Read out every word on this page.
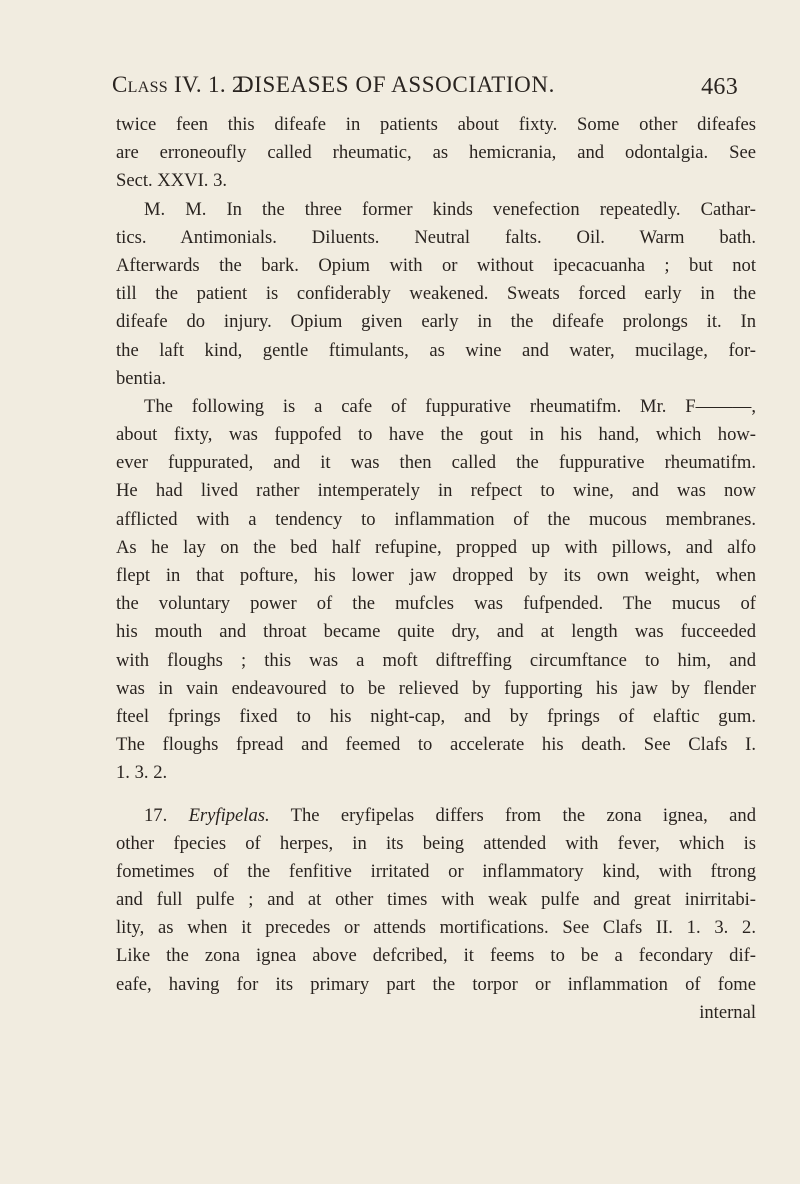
Class IV. 1. 2.
DISEASES OF ASSOCIATION.	463
twice feen this difeafe in patients about fixty. Some other difeafes
are erroneoufly called rheumatic, as hemicrania, and odontalgia. See
Sect. XXVI. 3.
M. M. In the three former kinds venefection repeatedly. Cathar-
tics. Antimonials. Diluents. Neutral falts. Oil. Warm bath.
Afterwards the bark. Opium with or without ipecacuanha ; but not
till the patient is confiderably weakened. Sweats forced early in the
difeafe do injury. Opium given early in the difeafe prolongs it. In
the laft kind, gentle ftimulants, as wine and water, mucilage, for-
bentia.
The following is a cafe of fuppurative rheumatifm. Mr. F———,
about fixty, was fuppofed to have the gout in his hand, which how-
ever fuppurated, and it was then called the fuppurative rheumatifm.
He had lived rather intemperately in refpect to wine, and was now
afflicted with a tendency to inflammation of the mucous membranes.
As he lay on the bed half refupine, propped up with pillows, and alfo
flept in that pofture, his lower jaw dropped by its own weight, when
the voluntary power of the mufcles was fufpended. The mucus of
his mouth and throat became quite dry, and at length was fucceeded
with floughs ; this was a moft diftreffing circumftance to him, and
was in vain endeavoured to be relieved by fupporting his jaw by flender
fteel fprings fixed to his night-cap, and by fprings of elaftic gum.
The floughs fpread and feemed to accelerate his death. See Clafs I.
1. 3. 2.
17. Eryfipelas. The eryfipelas differs from the zona ignea, and
other fpecies of herpes, in its being attended with fever, which is
fometimes of the fenfitive irritated or inflammatory kind, with ftrong
and full pulfe ; and at other times with weak pulfe and great inirritabi-
lity, as when it precedes or attends mortifications. See Clafs II. 1. 3. 2.
Like the zona ignea above defcribed, it feems to be a fecondary dif-
eafe, having for its primary part the torpor or inflammation of fome
internal
